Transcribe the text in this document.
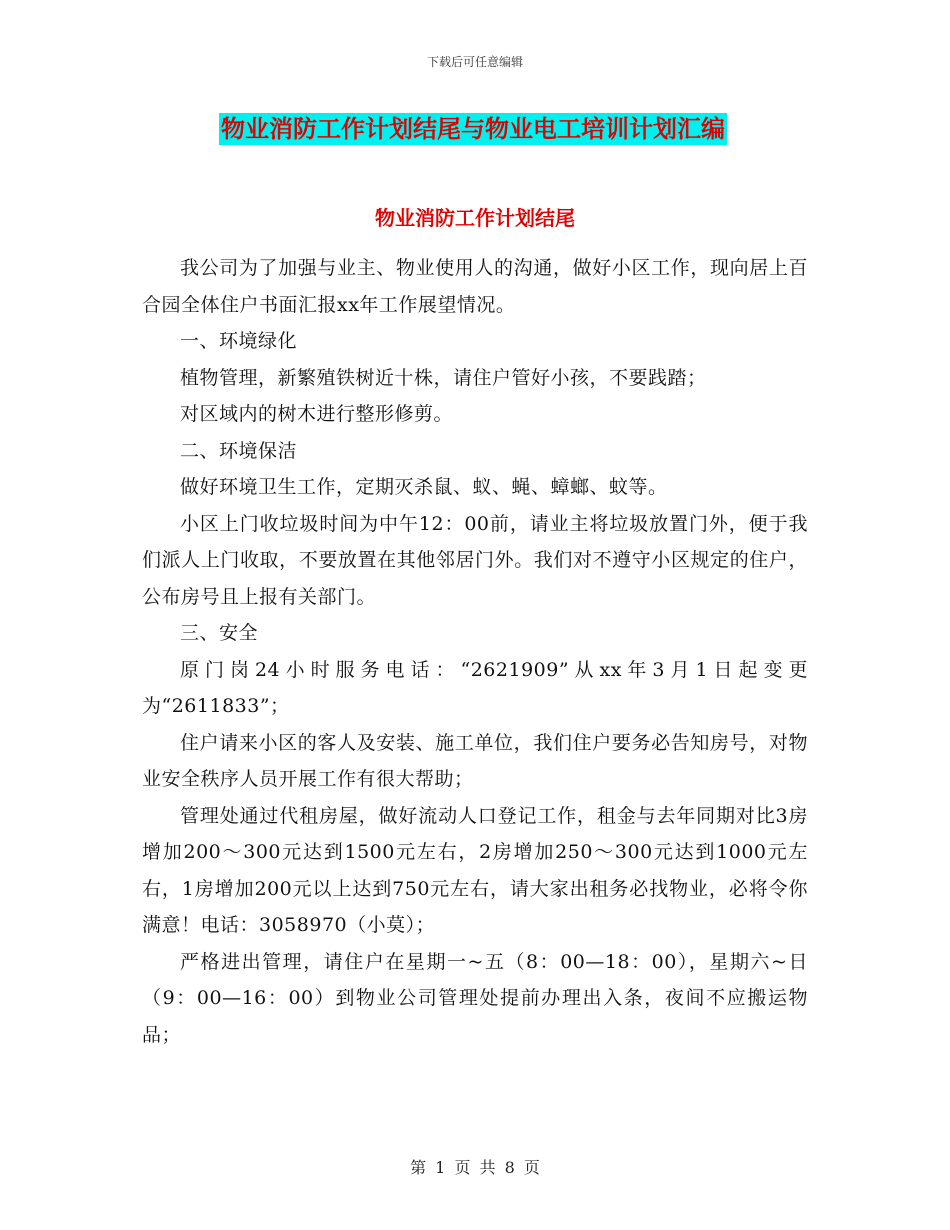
下载后可任意编辑
物业消防工作计划结尾与物业电工培训计划汇编
物业消防工作计划结尾

我公司为了加强与业主、物业使用人的沟通，做好小区工作，现向居上百合园全体住户书面汇报xx年工作展望情况。

一、环境绿化

植物管理，新繁殖铁树近十株，请住户管好小孩，不要践踏；

对区域内的树木进行整形修剪。

二、环境保洁

做好环境卫生工作，定期灭杀鼠、蚁、蝇、蟑螂、蚊等。

小区上门收垃圾时间为中午12：00前，请业主将垃圾放置门外，便于我们派人上门收取，不要放置在其他邻居门外。我们对不遵守小区规定的住户，公布房号且上报有关部门。

三、安全

原门岗24小时服务电话：“2621909”从xx年3月1日起变更为“2611833”；

住户请来小区的客人及安装、施工单位，我们住户要务必告知房号，对物业安全秩序人员开展工作有很大帮助；

管理处通过代租房屋，做好流动人口登记工作，租金与去年同期对比3房增加200～300元达到1500元左右，2房增加250～300元达到1000元左右，1房增加200元以上达到750元左右，请大家出租务必找物业，必将令你满意！电话：3058970（小莫）；

严格进出管理，请住户在星期一~五（8：00—18：00），星期六~日（9：00—16：00）到物业公司管理处提前办理出入条，夜间不应搬运物品；

第 1 页 共 8 页
